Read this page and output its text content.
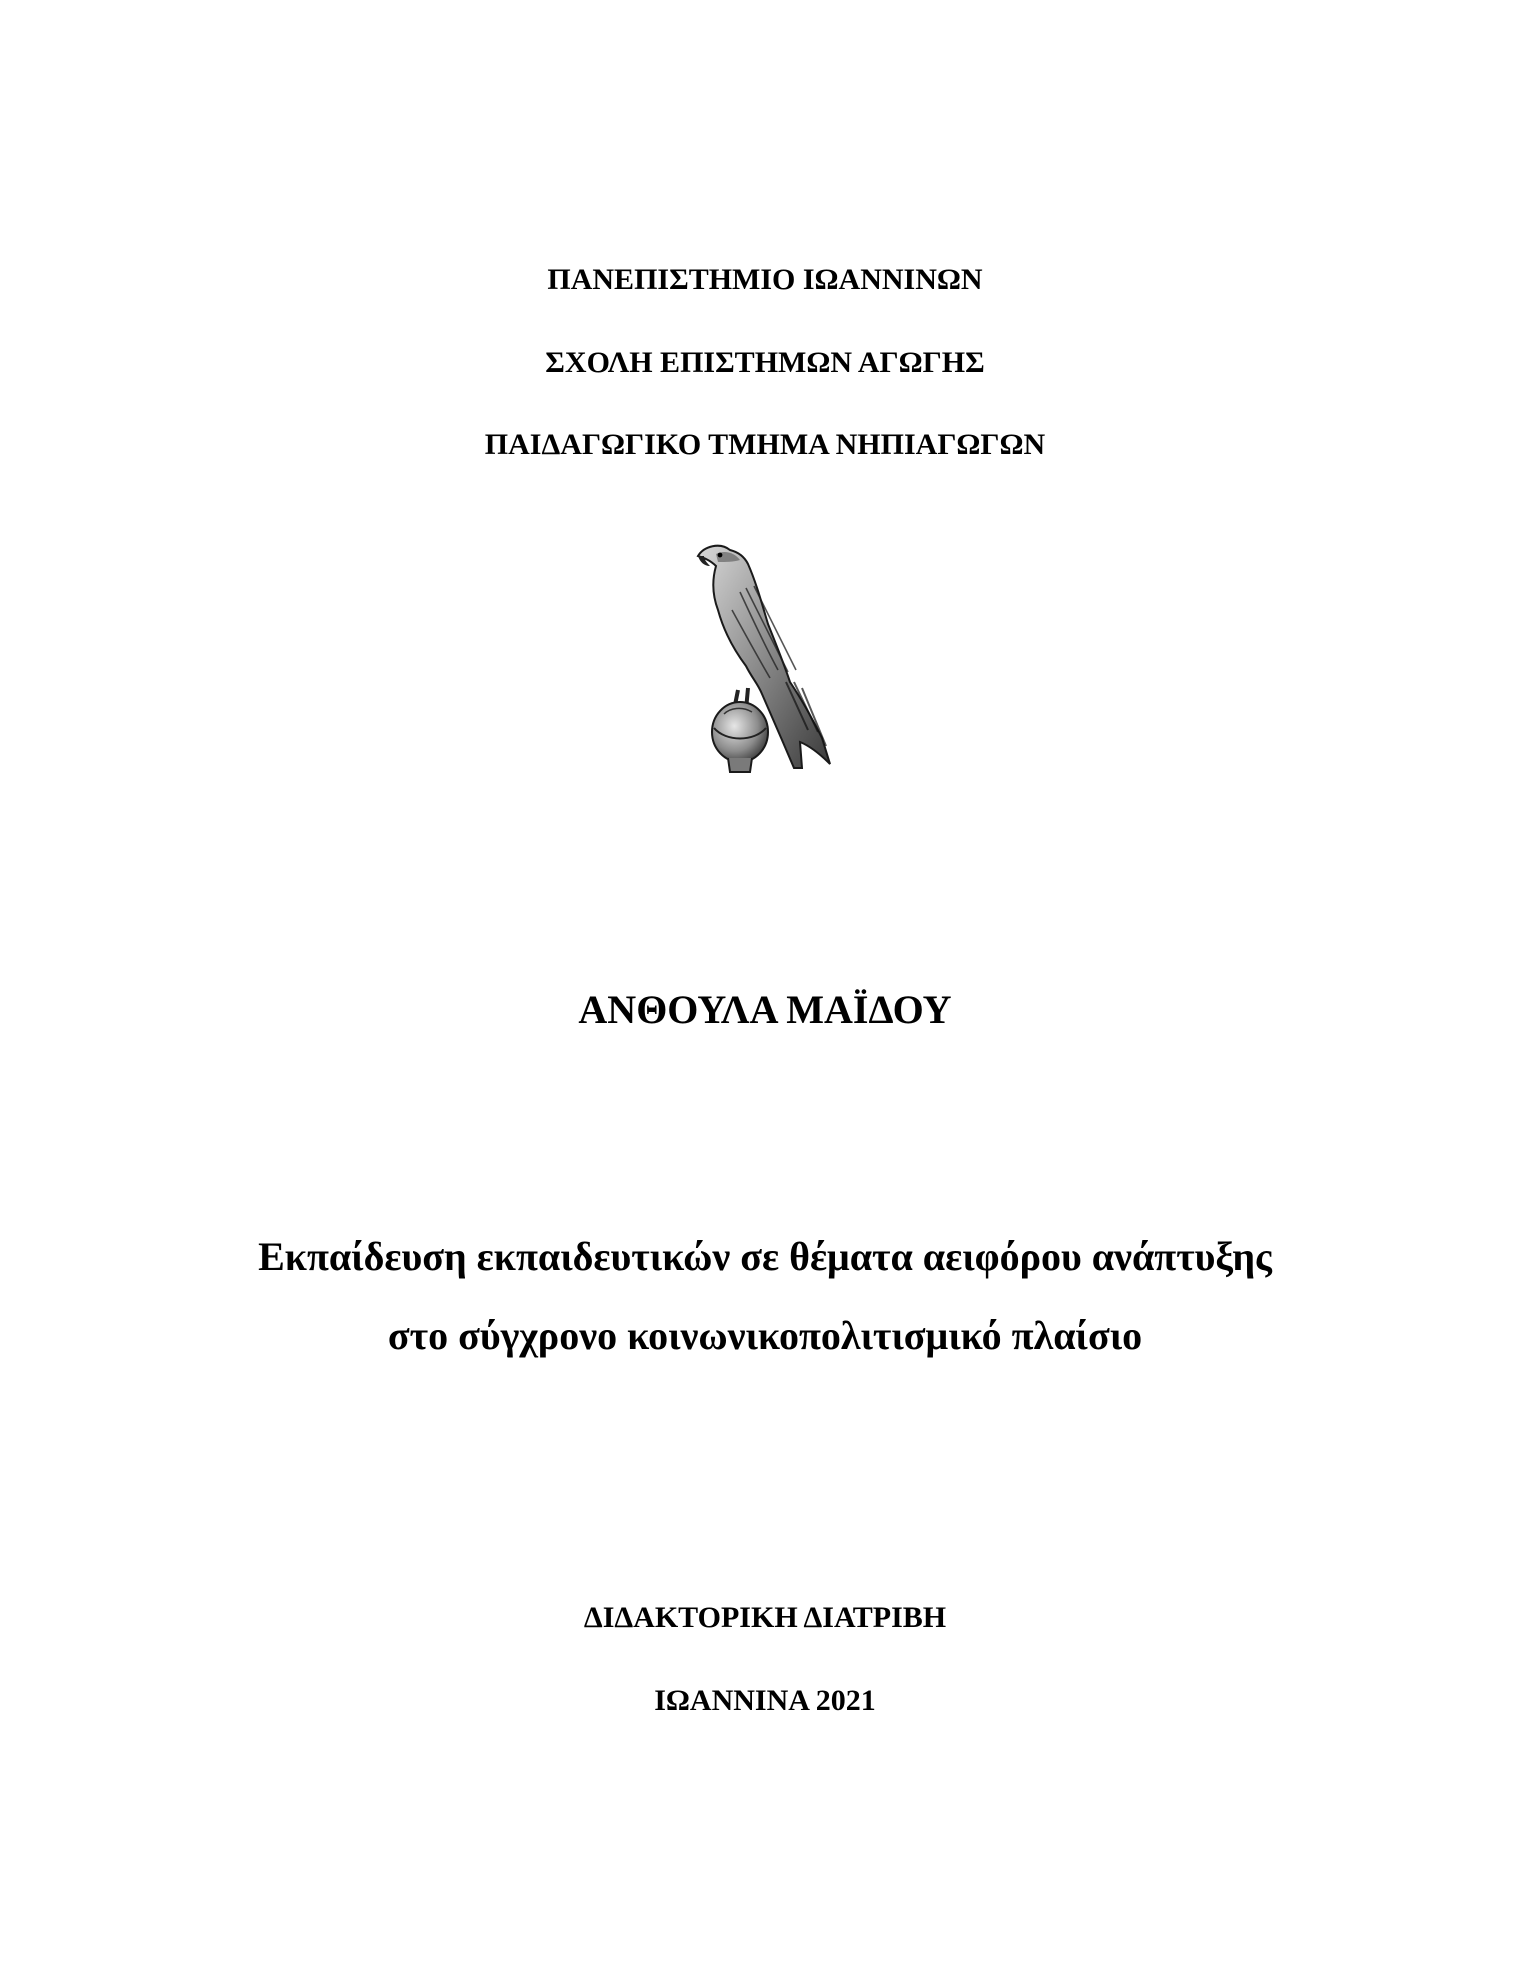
ΠΑΝΕΠΙΣΤΗΜΙΟ ΙΩΑΝΝΙΝΩΝ
ΣΧΟΛΗ ΕΠΙΣΤΗΜΩΝ ΑΓΩΓΗΣ
ΠΑΙΔΑΓΩΓΙΚΟ ΤΜΗΜΑ ΝΗΠΙΑΓΩΓΩΝ
ΑΝΘΟΥΛΑ ΜΑΪΔΟΥ
Εκπαίδευση εκπαιδευτικών σε θέματα αειφόρου ανάπτυξης
στο σύγχρονο κοινωνικοπολιτισμικό πλαίσιο
ΔΙΔΑΚΤΟΡΙΚΗ ΔΙΑΤΡΙΒΗ
ΙΩΑΝΝΙΝΑ 2021
